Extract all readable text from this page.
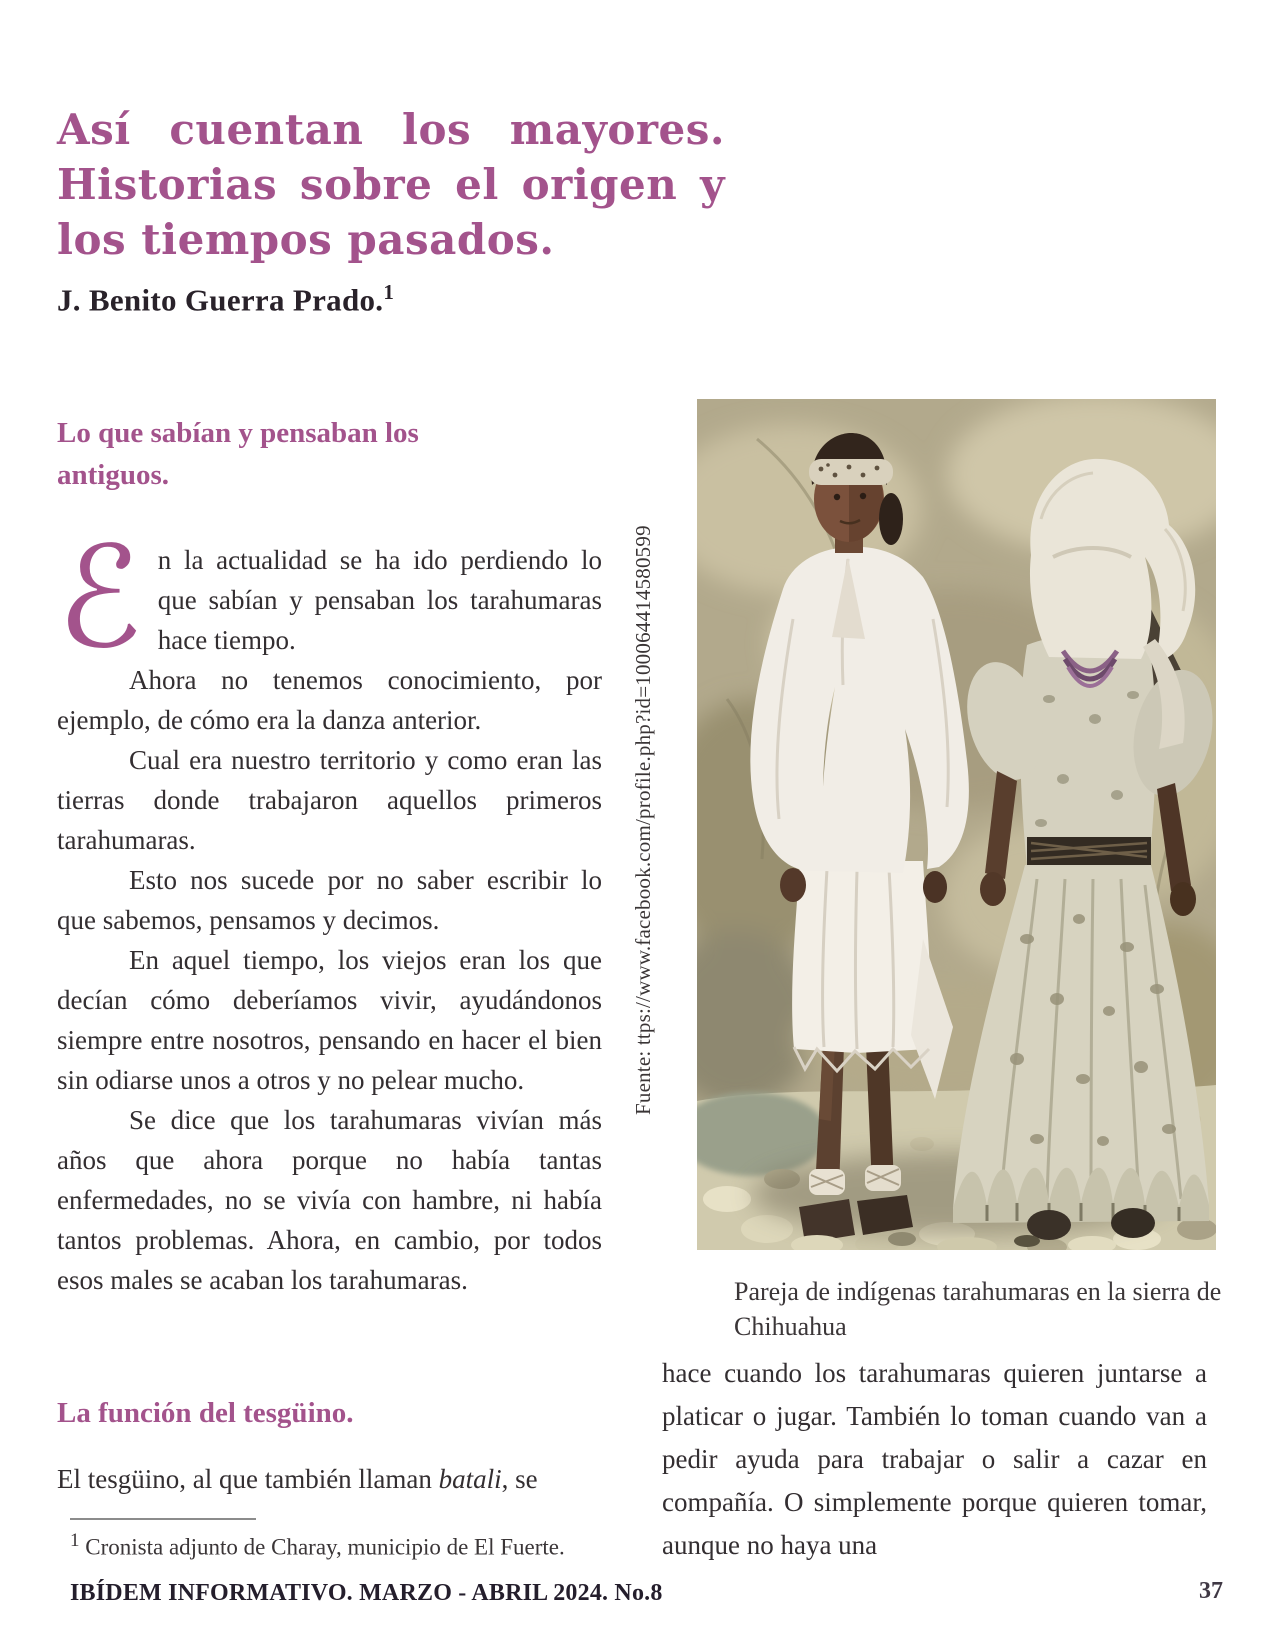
Así cuentan los mayores.
Historias sobre el origen y
los tiempos pasados.
J. Benito Guerra Prado.$^1$
Lo que sabían y pensaban los antiguos.

ℰn la actualidad se ha ido perdiendo lo que sabían y pensaban los tarahumaras hace tiempo.

Ahora no tenemos conocimiento, por ejemplo, de cómo era la danza anterior.

Cual era nuestro territorio y como eran las tierras donde trabajaron aquellos primeros tarahumaras.

Esto nos sucede por no saber escribir lo que sabemos, pensamos y decimos.

En aquel tiempo, los viejos eran los que decían cómo deberíamos vivir, ayudándonos siempre entre nosotros, pensando en hacer el bien sin odiarse unos a otros y no pelear mucho.

Se dice que los tarahumaras vivían más años que ahora porque no había tantas enfermedades, no se vivía con hambre, ni había tantos problemas. Ahora, en cambio, por todos esos males se acaban los tarahumaras.

La función del tesgüino.
El tesgüino, al que también llaman batali, se
$^1$ Cronista adjunto de Charay, municipio de El Fuerte.
Fuente: ttps://www.facebook.com/profile.php?id=100064414580599
Pareja de indígenas tarahumaras en la sierra de Chihuahua

hace cuando los tarahumaras quieren juntarse a platicar o jugar. También lo toman cuando van a pedir ayuda para trabajar o salir a cazar en compañía. O simplemente porque quieren tomar, aunque no haya una

IBÍDEM INFORMATIVO. MARZO - ABRIL 2024. No.8	37
